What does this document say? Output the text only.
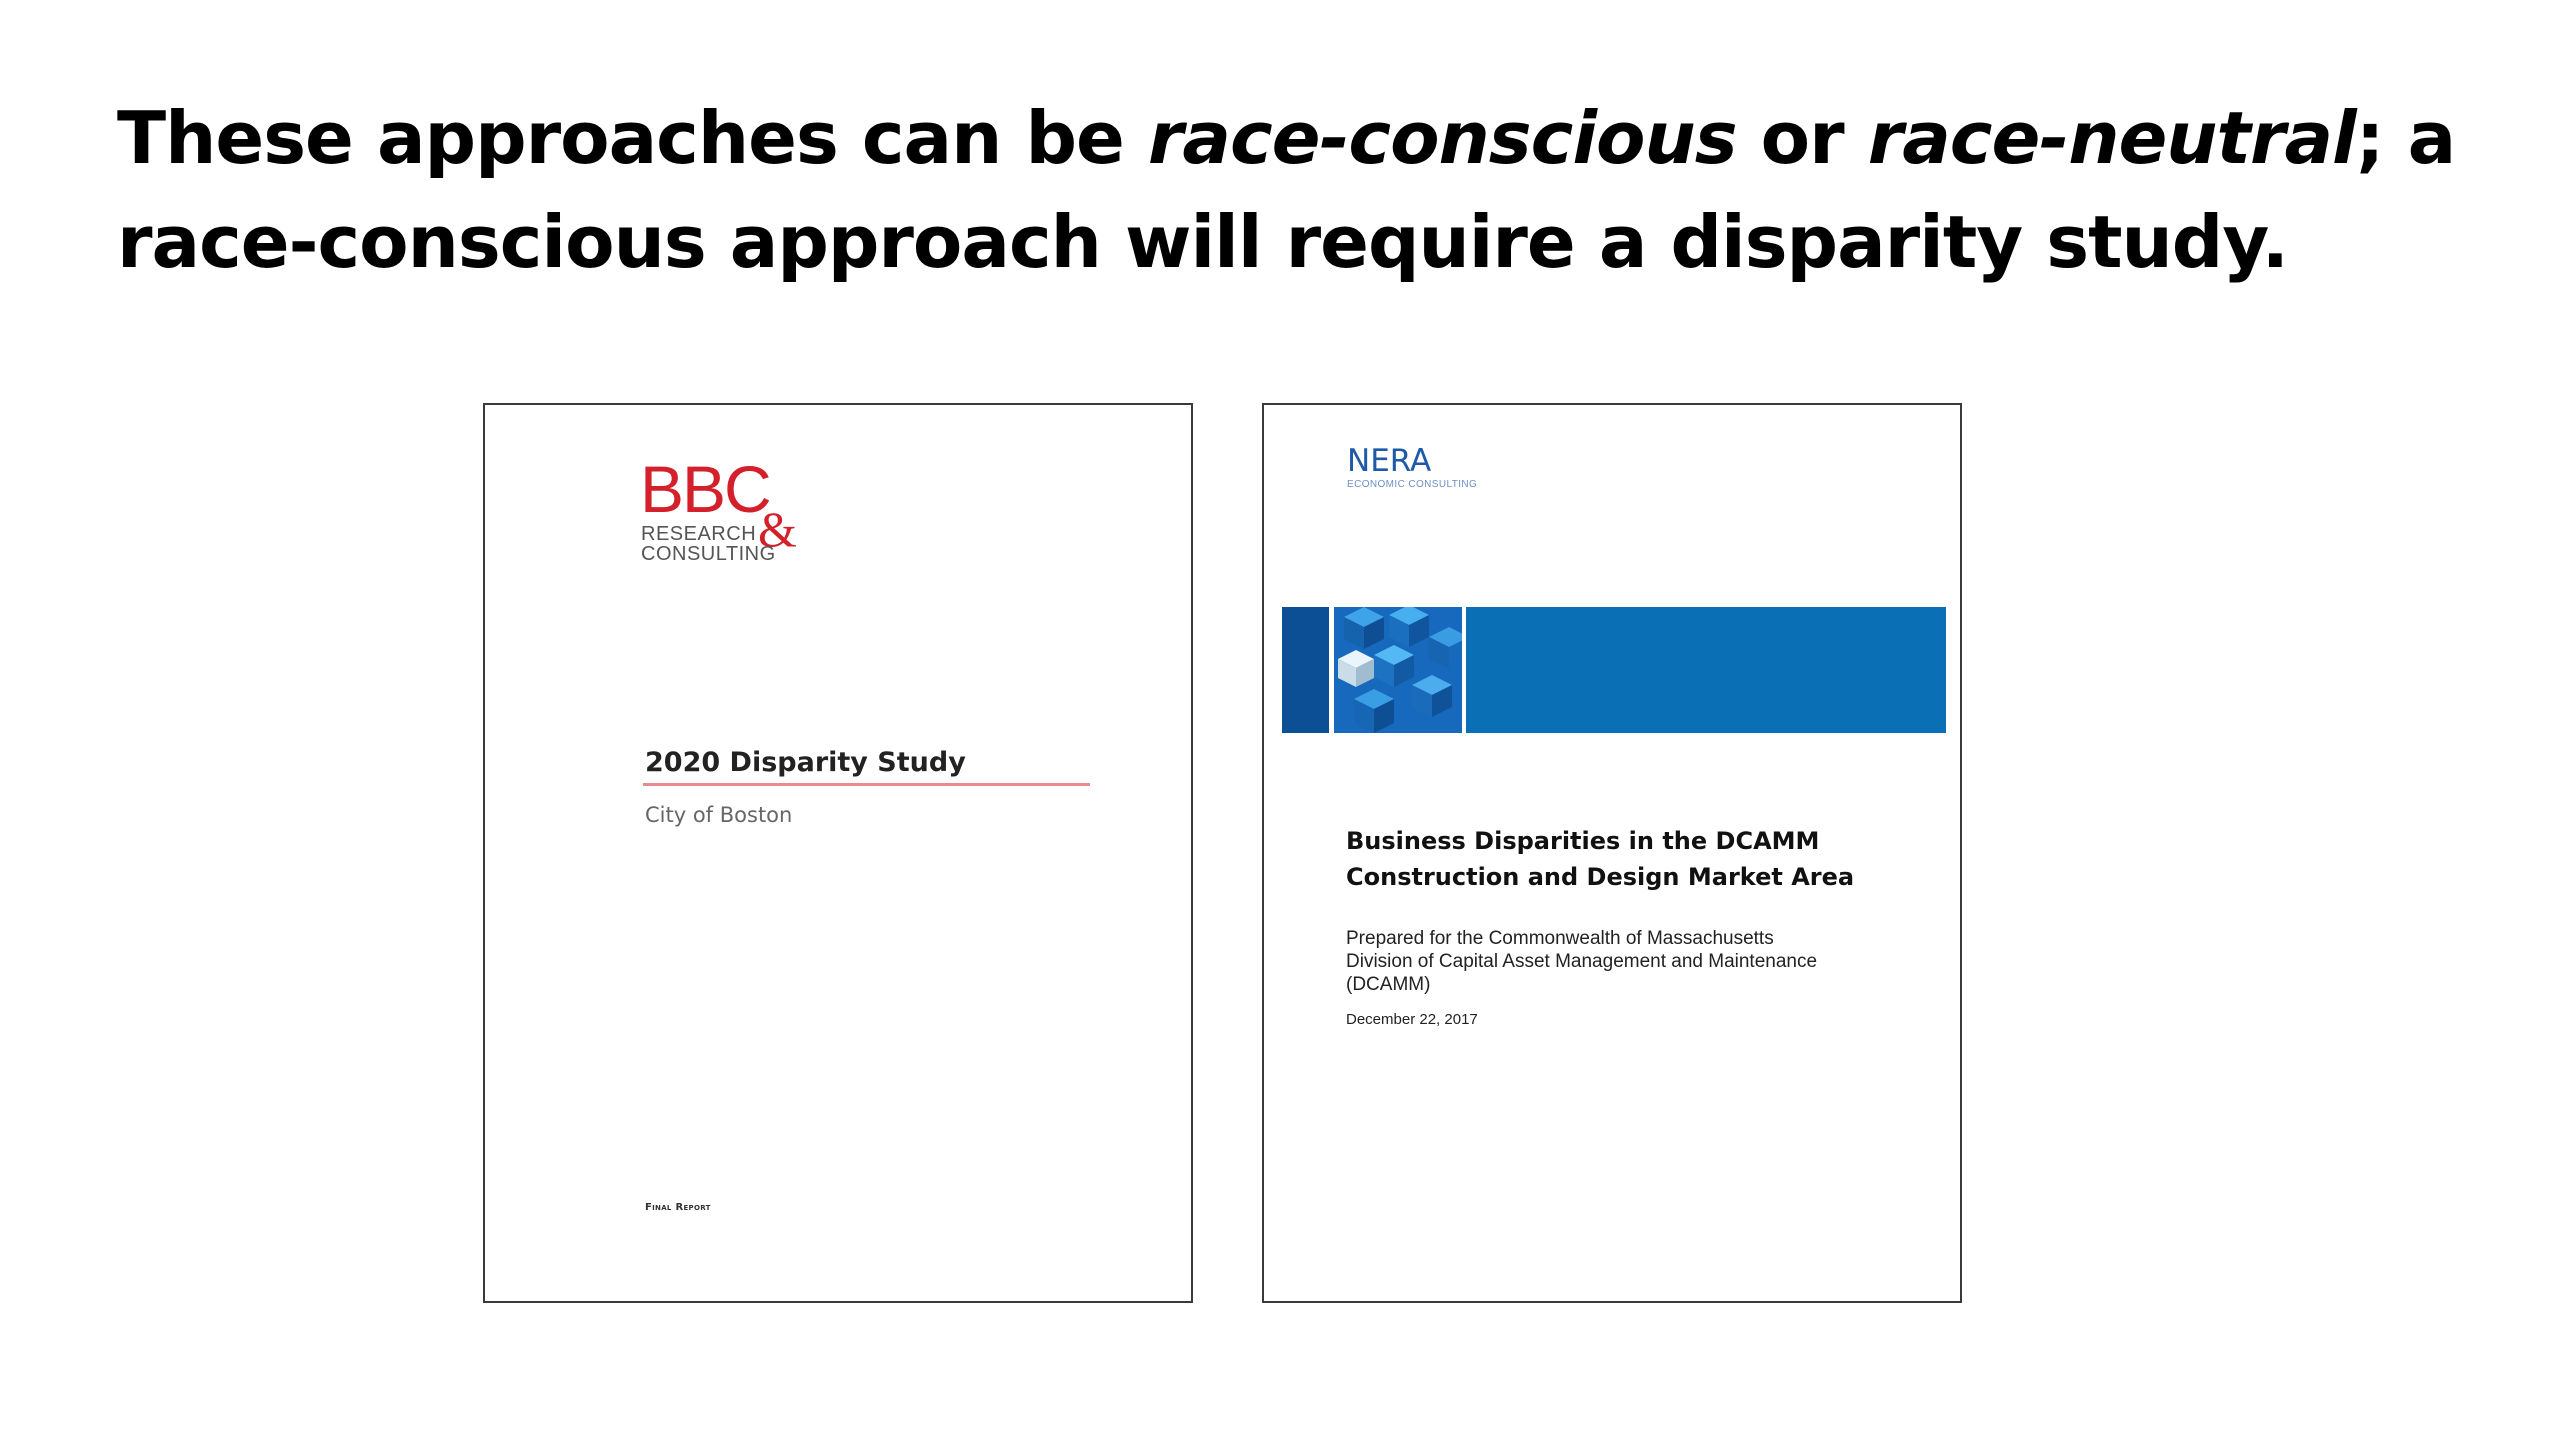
These approaches can be race-conscious or race-neutral; a race-conscious approach will require a disparity study.
BBC
&
RESEARCH
CONSULTING
2020 Disparity Study
City of Boston
Final Report
NERA
ECONOMIC CONSULTING
Business Disparities in the DCAMM
Construction and Design Market Area
Prepared for the Commonwealth of Massachusetts
Division of Capital Asset Management and Maintenance
(DCAMM)
December 22, 2017
